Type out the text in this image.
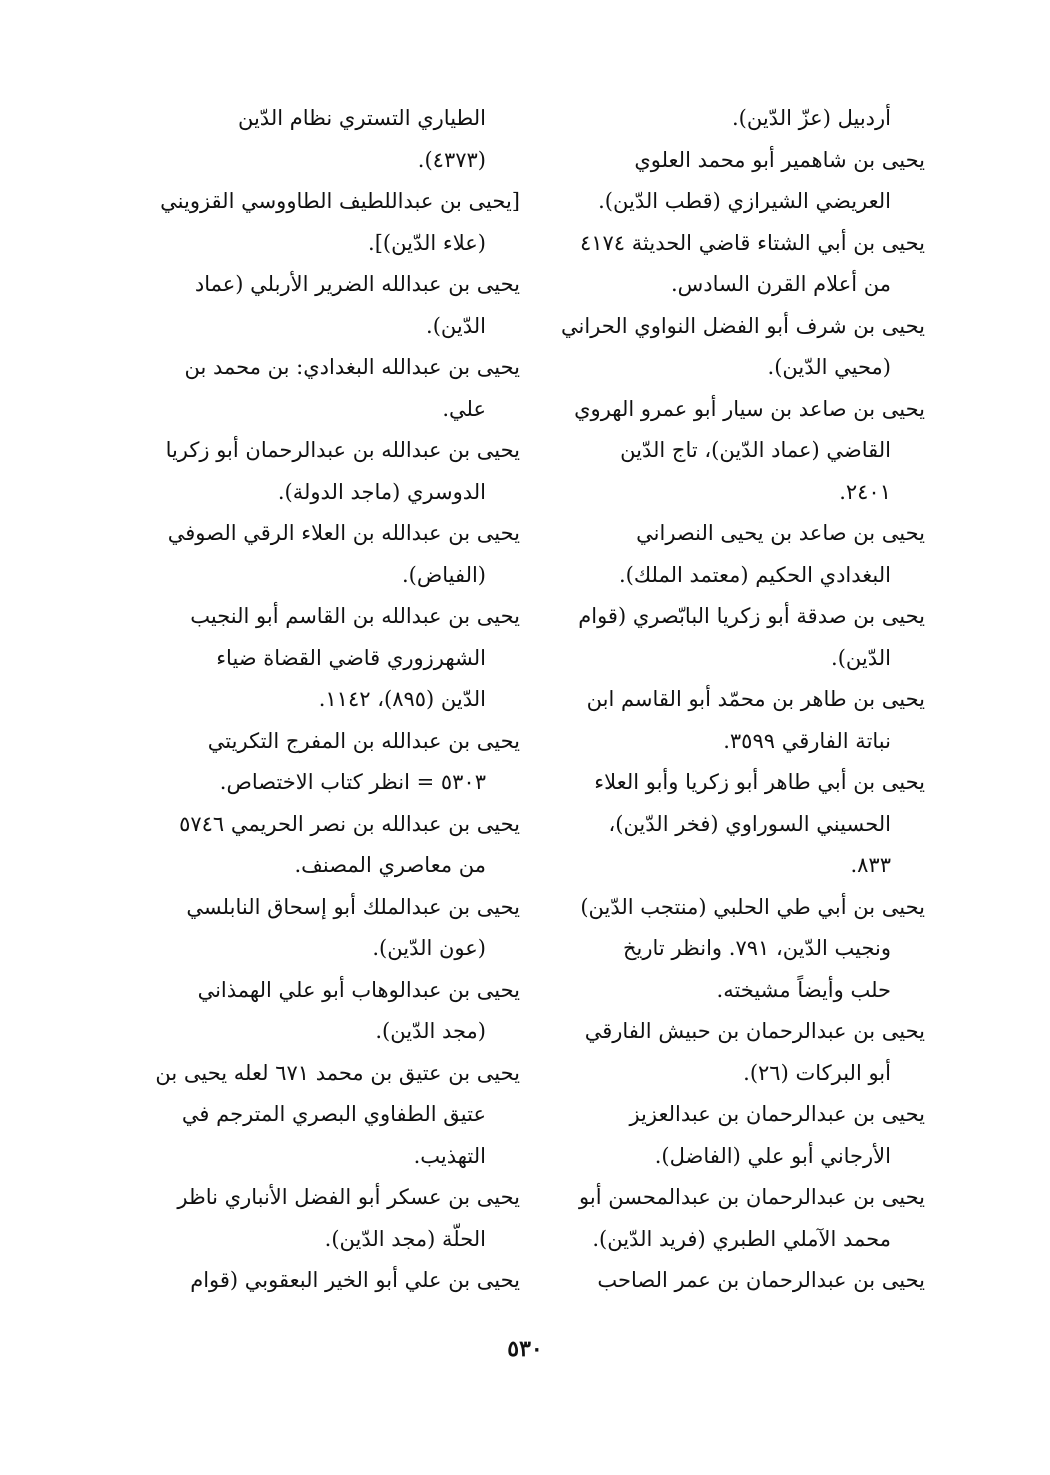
أردبيل (عزّ الدّين).
يحيى بن شاهمير أبو محمد العلوي
العريضي الشيرازي (قطب الدّين).
يحيى بن أبي الشتاء قاضي الحديثة ٤١٧٤
من أعلام القرن السادس.
يحيى بن شرف أبو الفضل النواوي الحراني
(محيي الدّين).
يحيى بن صاعد بن سيار أبو عمرو الهروي
القاضي (عماد الدّين)، تاج الدّين
٢٤٠١.
يحيى بن صاعد بن يحيى النصراني
البغدادي الحكيم (معتمد الملك).
يحيى بن صدقة أبو زكريا البابّصري (قوام
الدّين).
يحيى بن طاهر بن محمّد أبو القاسم ابن
نباتة الفارقي ٣٥٩٩.
يحيى بن أبي طاهر أبو زكريا وأبو العلاء
الحسيني السوراوي (فخر الدّين)،
٨٣٣.
يحيى بن أبي طي الحلبي (منتجب الدّين)
ونجيب الدّين، ٧٩١. وانظر تاريخ
حلب وأيضاً مشيخته.
يحيى بن عبدالرحمان بن حبيش الفارقي
أبو البركات (٢٦).
يحيى بن عبدالرحمان بن عبدالعزيز
الأرجاني أبو علي (الفاضل).
يحيى بن عبدالرحمان بن عبدالمحسن أبو
محمد الآملي الطبري (فريد الدّين).
يحيى بن عبدالرحمان بن عمر الصاحب
الطياري التستري نظام الدّين
(٤٣٧٣).
[يحيى بن عبداللطيف الطاووسي القزويني
(علاء الدّين)].
يحيى بن عبدالله الضرير الأربلي (عماد
الدّين).
يحيى بن عبدالله البغدادي: بن محمد بن
علي.
يحيى بن عبدالله بن عبدالرحمان أبو زكريا
الدوسري (ماجد الدولة).
يحيى بن عبدالله بن العلاء الرقي الصوفي
(الفياض).
يحيى بن عبدالله بن القاسم أبو النجيب
الشهرزوري قاضي القضاة ضياء
الدّين (٨٩٥)، ١١٤٢.
يحيى بن عبدالله بن المفرج التكريتي
٥٣٠٣ = انظر كتاب الاختصاص.
يحيى بن عبدالله بن نصر الحريمي ٥٧٤٦
من معاصري المصنف.
يحيى بن عبدالملك أبو إسحاق النابلسي
(عون الدّين).
يحيى بن عبدالوهاب أبو علي الهمذاني
(مجد الدّين).
يحيى بن عتيق بن محمد ٦٧١ لعله يحيى بن
عتيق الطفاوي البصري المترجم في
التهذيب.
يحيى بن عسكر أبو الفضل الأنباري ناظر
الحلّة (مجد الدّين).
يحيى بن علي أبو الخير البعقوبي (قوام
٥٣٠
